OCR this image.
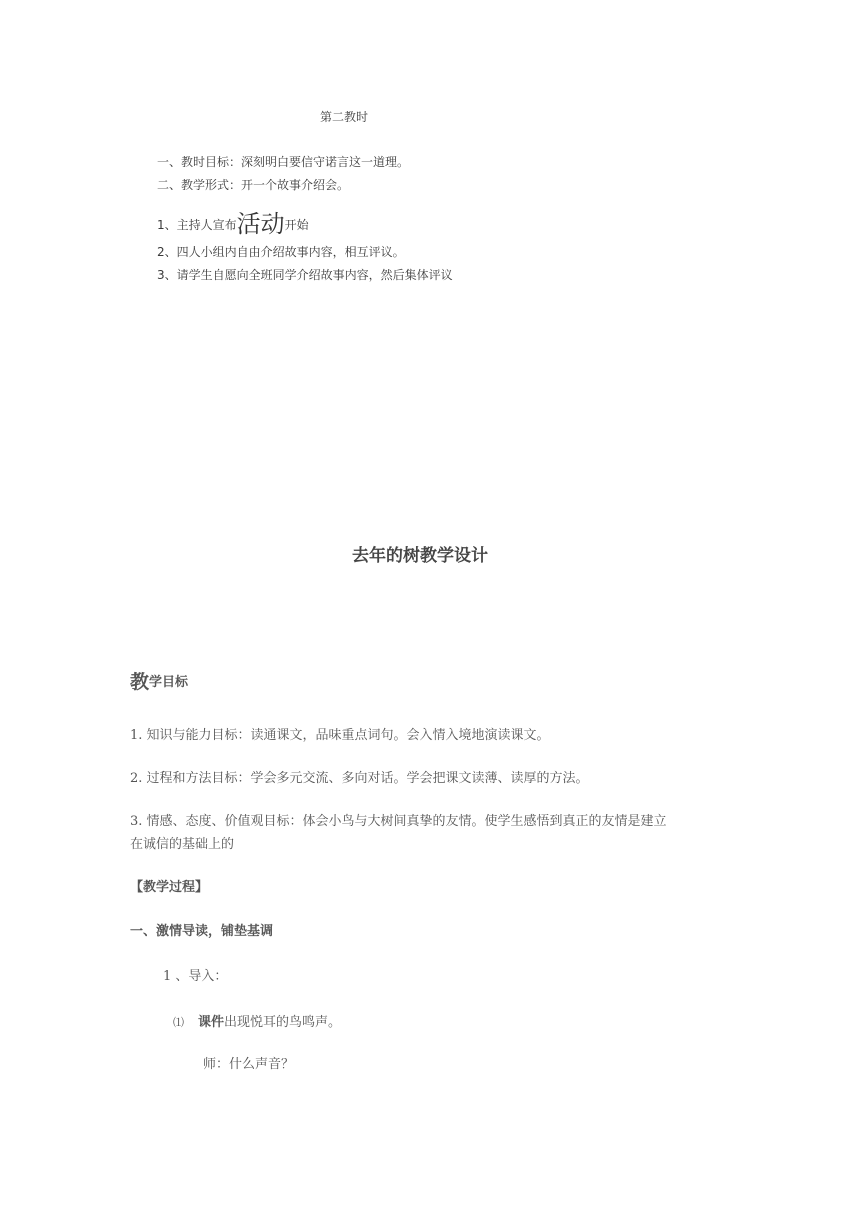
第二教时
一、教时目标：深刻明白要信守诺言这一道理。
二、教学形式：开一个故事介绍会。
1、主持人宣布活动开始
2、四人小组内自由介绍故事内容，相互评议。
3、请学生自愿向全班同学介绍故事内容，然后集体评议
去年的树教学设计
教学目标
1. 知识与能力目标：读通课文，品味重点词句。会入情入境地演读课文。
2. 过程和方法目标：学会多元交流、多向对话。学会把课文读薄、读厚的方法。
3. 情感、态度、价值观目标：体会小鸟与大树间真挚的友情。使学生感悟到真正的友情是建立
在诚信的基础上的
【教学过程】
一、激情导读，铺垫基调
1 、导入：
⑴ 课件出现悦耳的鸟鸣声。
师：什么声音？
